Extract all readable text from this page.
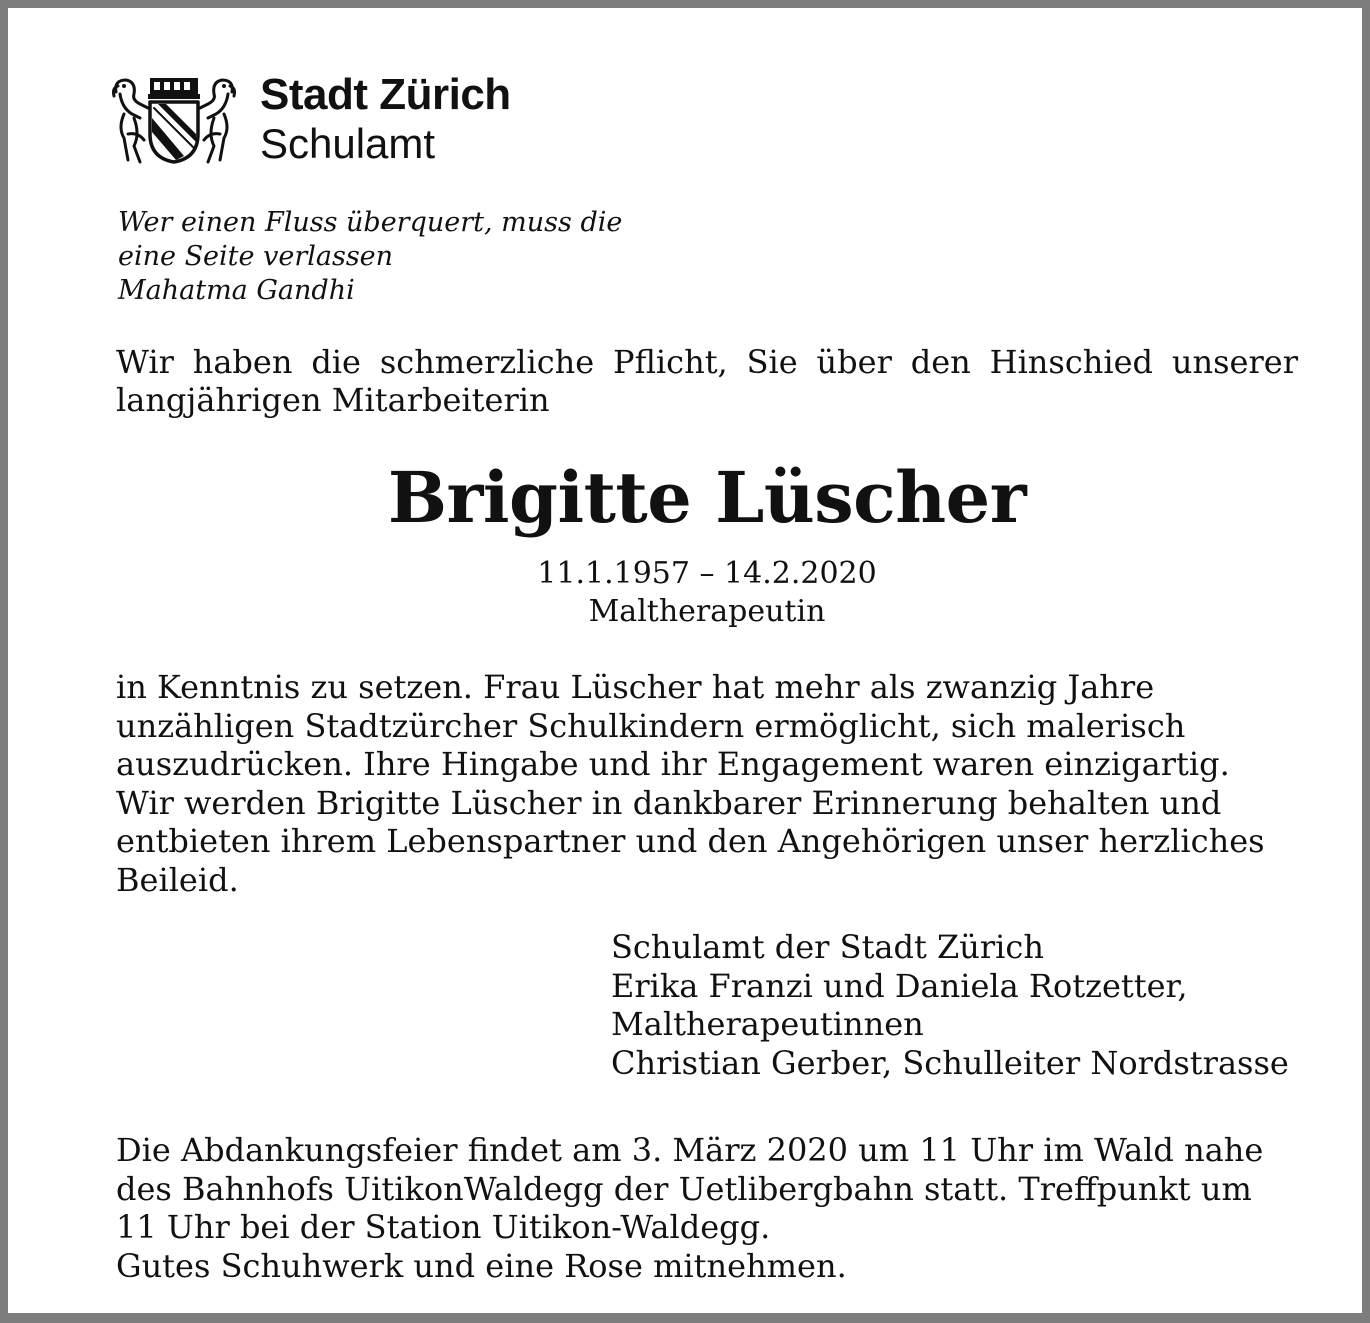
Stadt Zürich
Schulamt
Wer einen Fluss überquert, muss die
eine Seite verlassen
Mahatma Gandhi
Wir haben die schmerzliche Pflicht, Sie über den Hinschied unserer langjährigen Mitarbeiterin
Brigitte Lüscher
11.1.1957 – 14.2.2020
Maltherapeutin
in Kenntnis zu setzen. Frau Lüscher hat mehr als zwanzig Jahre
unzähligen Stadtzürcher Schulkindern ermöglicht, sich malerisch
auszudrücken. Ihre Hingabe und ihr Engagement waren einzigartig.
Wir werden Brigitte Lüscher in dankbarer Erinnerung behalten und
entbieten ihrem Lebenspartner und den Angehörigen unser herzliches
Beileid.
Schulamt der Stadt Zürich
Erika Franzi und Daniela Rotzetter,
Maltherapeutinnen
Christian Gerber, Schulleiter Nordstrasse
Die Abdankungsfeier findet am 3. März 2020 um 11 Uhr im Wald nahe
des Bahnhofs UitikonWaldegg der Uetlibergbahn statt. Treffpunkt um
11 Uhr bei der Station Uitikon-Waldegg.
Gutes Schuhwerk und eine Rose mitnehmen.
